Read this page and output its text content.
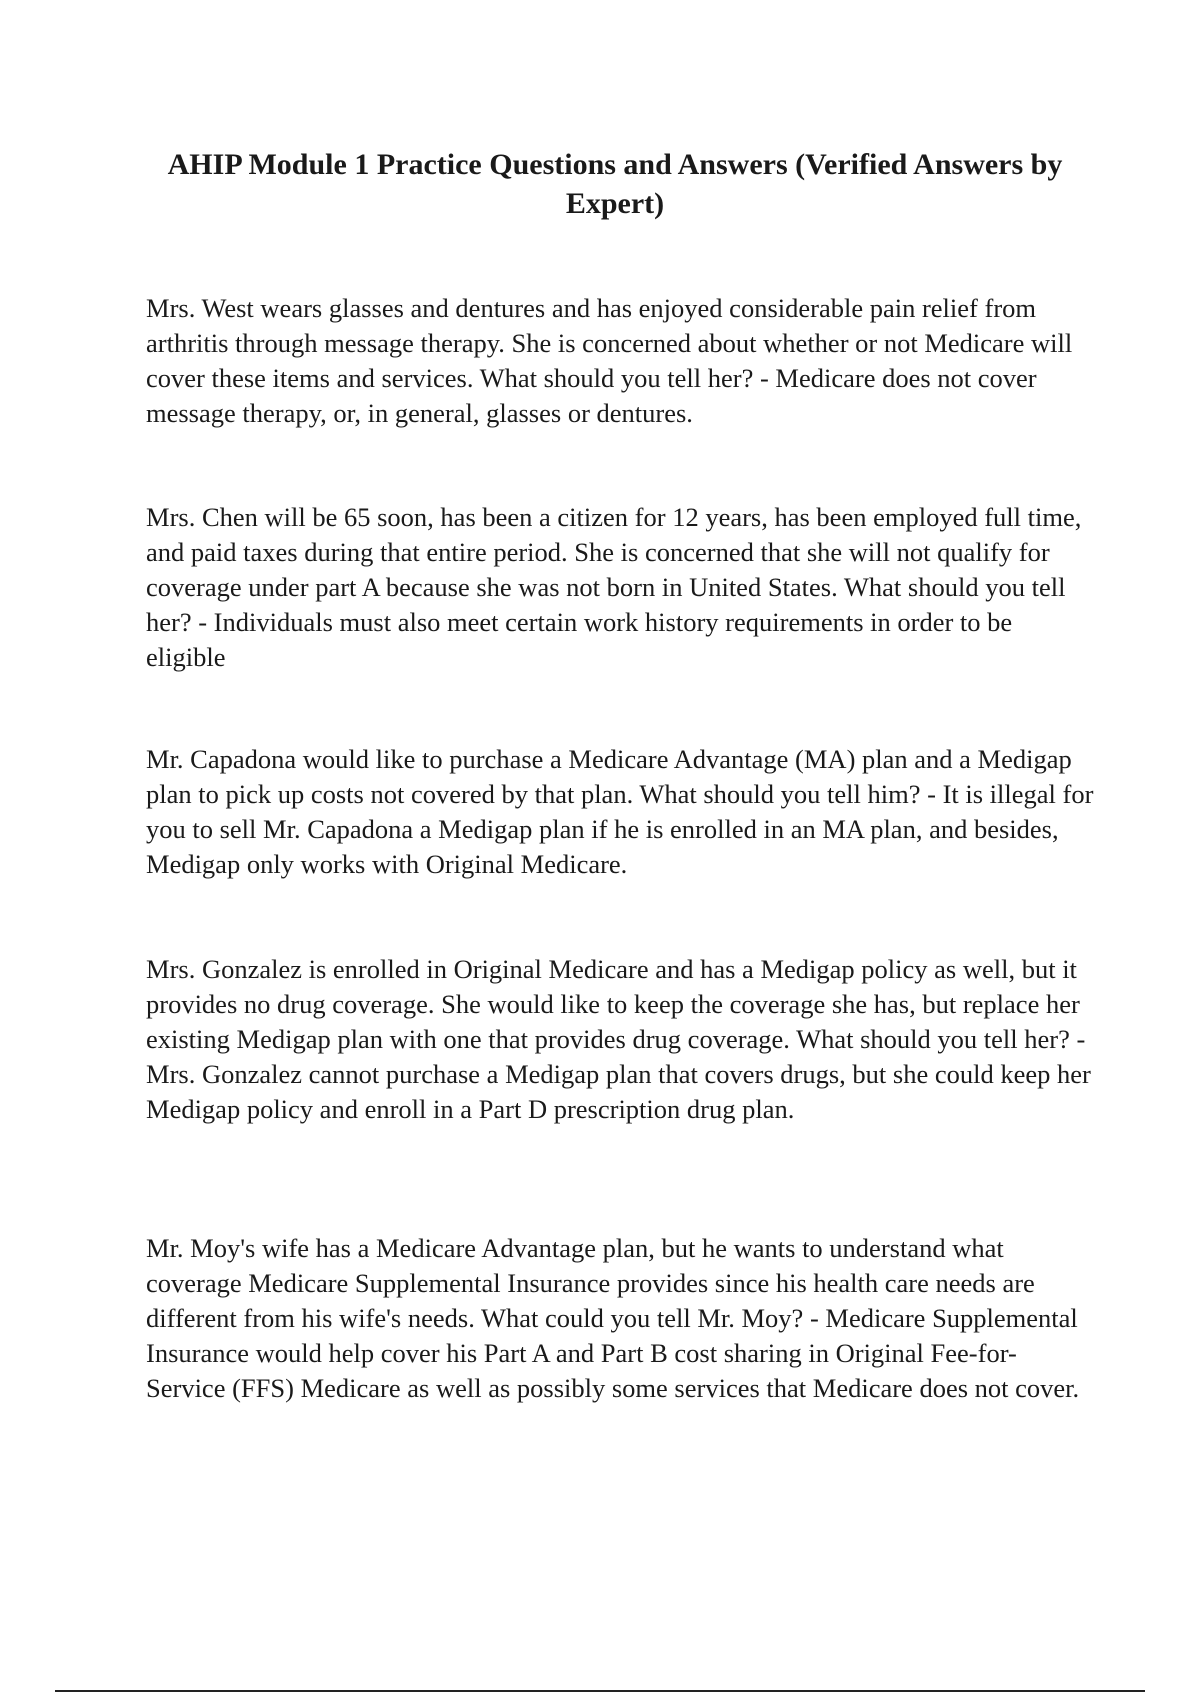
AHIP Module 1 Practice Questions and Answers (Verified Answers by Expert)

Mrs. West wears glasses and dentures and has enjoyed considerable pain relief from arthritis through message therapy. She is concerned about whether or not Medicare will cover these items and services. What should you tell her? - Medicare does not cover message therapy, or, in general, glasses or dentures.

Mrs. Chen will be 65 soon, has been a citizen for 12 years, has been employed full time, and paid taxes during that entire period. She is concerned that she will not qualify for coverage under part A because she was not born in United States. What should you tell her? - Individuals must also meet certain work history requirements in order to be eligible

Mr. Capadona would like to purchase a Medicare Advantage (MA) plan and a Medigap plan to pick up costs not covered by that plan. What should you tell him? - It is illegal for you to sell Mr. Capadona a Medigap plan if he is enrolled in an MA plan, and besides, Medigap only works with Original Medicare.

Mrs. Gonzalez is enrolled in Original Medicare and has a Medigap policy as well, but it provides no drug coverage. She would like to keep the coverage she has, but replace her existing Medigap plan with one that provides drug coverage. What should you tell her? - Mrs. Gonzalez cannot purchase a Medigap plan that covers drugs, but she could keep her Medigap policy and enroll in a Part D prescription drug plan.

Mr. Moy's wife has a Medicare Advantage plan, but he wants to understand what coverage Medicare Supplemental Insurance provides since his health care needs are different from his wife's needs. What could you tell Mr. Moy? - Medicare Supplemental Insurance would help cover his Part A and Part B cost sharing in Original Fee-for-Service (FFS) Medicare as well as possibly some services that Medicare does not cover.
